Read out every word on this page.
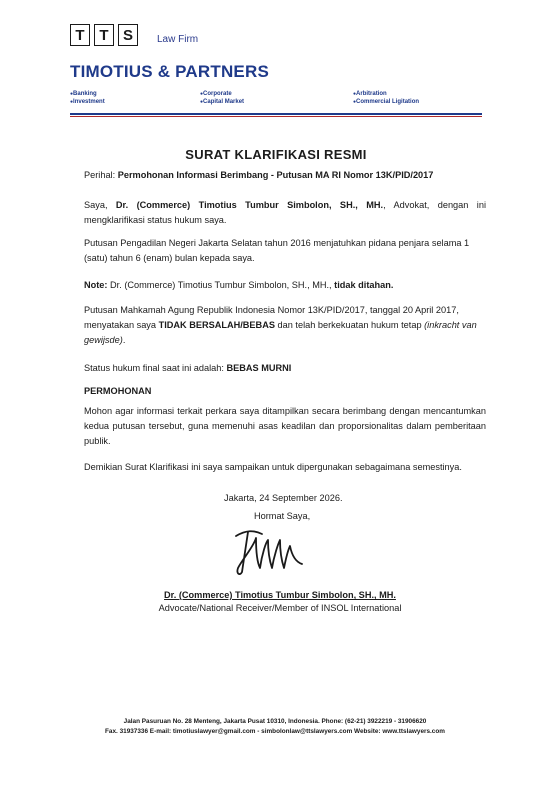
T T S	Law Firm
TIMOTIUS & PARTNERS
● Banking
● Investment
● Corporate
● Capital Market
● Arbitration
● Commercial Ligitation
SURAT KLARIFIKASI RESMI
Perihal: Permohonan Informasi Berimbang - Putusan MA RI Nomor 13K/PID/2017
Saya, Dr. (Commerce) Timotius Tumbur Simbolon, SH., MH., Advokat, dengan ini mengklarifikasi status hukum saya.
Putusan Pengadilan Negeri Jakarta Selatan tahun 2016 menjatuhkan pidana penjara selama 1 (satu) tahun 6 (enam) bulan kepada saya.
Note: Dr. (Commerce) Timotius Tumbur Simbolon, SH., MH., tidak ditahan.
Putusan Mahkamah Agung Republik Indonesia Nomor 13K/PID/2017, tanggal 20 April 2017, menyatakan saya TIDAK BERSALAH/BEBAS dan telah berkekuatan hukum tetap (inkracht van gewijsde).
Status hukum final saat ini adalah: BEBAS MURNI
PERMOHONAN
Mohon agar informasi terkait perkara saya ditampilkan secara berimbang dengan mencantumkan kedua putusan tersebut, guna memenuhi asas keadilan dan proporsionalitas dalam pemberitaan publik.
Demikian Surat Klarifikasi ini saya sampaikan untuk dipergunakan sebagaimana semestinya.
Jakarta, 24 September 2026.
Hormat Saya,
Dr. (Commerce) Timotius Tumbur Simbolon, SH., MH.
Advocate/National Receiver/Member of INSOL International
Jalan Pasuruan No. 28 Menteng, Jakarta Pusat 10310, Indonesia. Phone: (62-21) 3922219 - 31906620
Fax. 31937336 E-mail: timotiuslawyer@gmail.com - simbolonlaw@ttslawyers.com Website: www.ttslawyers.com
